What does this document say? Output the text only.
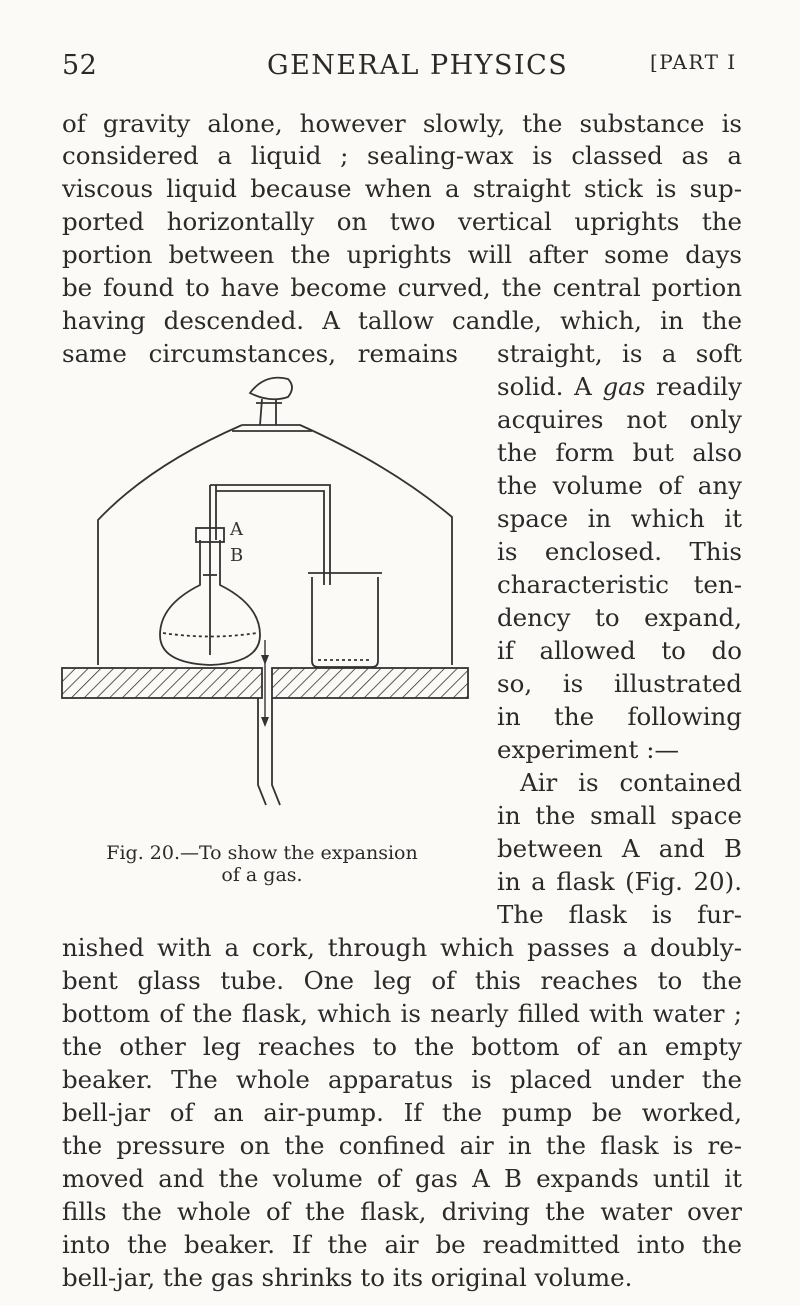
52	GENERAL PHYSICS	[PART I
of gravity alone, however slowly, the substance is
considered a liquid ; sealing-wax is classed as a
viscous liquid because when a straight stick is sup-
ported horizontally on two vertical uprights the
portion between the uprights will after some days
be found to have become curved, the central portion
having descended. A tallow candle, which, in the
same circumstances, remains straight, is a soft
solid. A gas readily
acquires not only
the form but also
the volume of any
space in which it
is enclosed. This
characteristic ten-
dency to expand,
if allowed to do
so, is illustrated
in the following
experiment :—
Air is contained
in the small space
between A and B
in a flask (Fig. 20).
The flask is fur-
Fig. 20.—To show the expansion
of a gas.
A
B
nished with a cork, through which passes a doubly-
bent glass tube. One leg of this reaches to the
bottom of the flask, which is nearly filled with water ;
the other leg reaches to the bottom of an empty
beaker. The whole apparatus is placed under the
bell-jar of an air-pump. If the pump be worked,
the pressure on the confined air in the flask is re-
moved and the volume of gas A B expands until it
fills the whole of the flask, driving the water over
into the beaker. If the air be readmitted into the
bell-jar, the gas shrinks to its original volume.
